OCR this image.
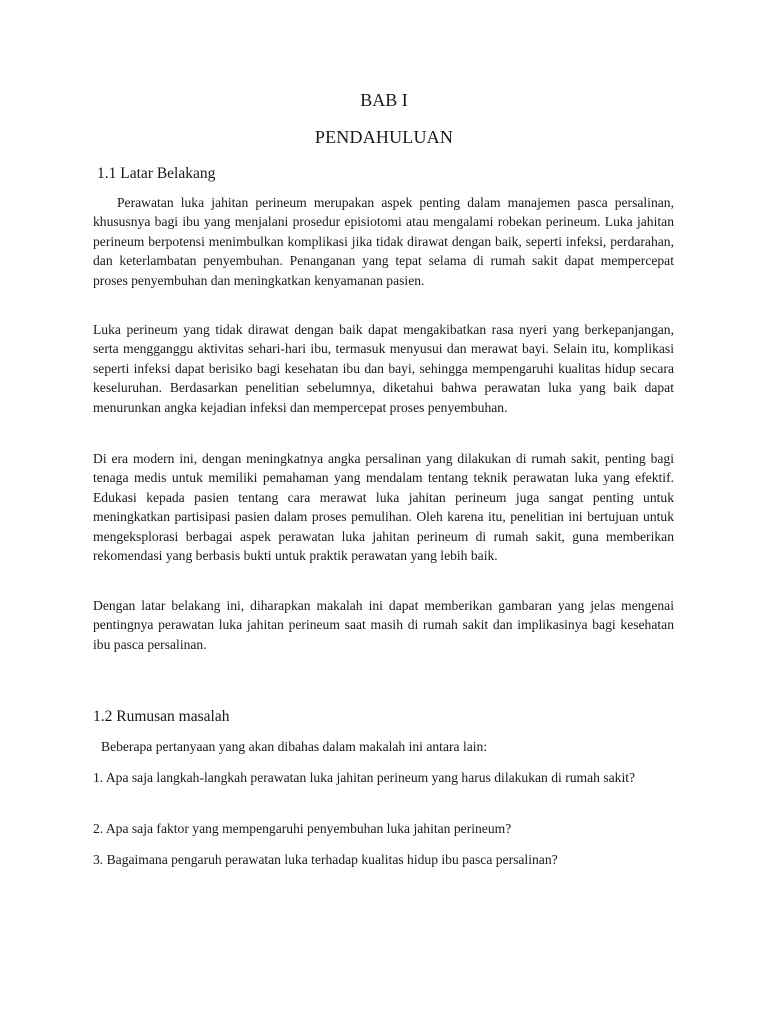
BAB I
PENDAHULUAN
1.1 Latar Belakang

Perawatan luka jahitan perineum merupakan aspek penting dalam manajemen pasca persalinan, khususnya bagi ibu yang menjalani prosedur episiotomi atau mengalami robekan perineum. Luka jahitan perineum berpotensi menimbulkan komplikasi jika tidak dirawat dengan baik, seperti infeksi, perdarahan, dan keterlambatan penyembuhan. Penanganan yang tepat selama di rumah sakit dapat mempercepat proses penyembuhan dan meningkatkan kenyamanan pasien.

Luka perineum yang tidak dirawat dengan baik dapat mengakibatkan rasa nyeri yang berkepanjangan, serta mengganggu aktivitas sehari-hari ibu, termasuk menyusui dan merawat bayi. Selain itu, komplikasi seperti infeksi dapat berisiko bagi kesehatan ibu dan bayi, sehingga mempengaruhi kualitas hidup secara keseluruhan. Berdasarkan penelitian sebelumnya, diketahui bahwa perawatan luka yang baik dapat menurunkan angka kejadian infeksi dan mempercepat proses penyembuhan.

Di era modern ini, dengan meningkatnya angka persalinan yang dilakukan di rumah sakit, penting bagi tenaga medis untuk memiliki pemahaman yang mendalam tentang teknik perawatan luka yang efektif. Edukasi kepada pasien tentang cara merawat luka jahitan perineum juga sangat penting untuk meningkatkan partisipasi pasien dalam proses pemulihan. Oleh karena itu, penelitian ini bertujuan untuk mengeksplorasi berbagai aspek perawatan luka jahitan perineum di rumah sakit, guna memberikan rekomendasi yang berbasis bukti untuk praktik perawatan yang lebih baik.

Dengan latar belakang ini, diharapkan makalah ini dapat memberikan gambaran yang jelas mengenai pentingnya perawatan luka jahitan perineum saat masih di rumah sakit dan implikasinya bagi kesehatan ibu pasca persalinan.

1.2 Rumusan masalah

Beberapa pertanyaan yang akan dibahas dalam makalah ini antara lain:

1. Apa saja langkah-langkah perawatan luka jahitan perineum yang harus dilakukan di rumah sakit?

2. Apa saja faktor yang mempengaruhi penyembuhan luka jahitan perineum?

3. Bagaimana pengaruh perawatan luka terhadap kualitas hidup ibu pasca persalinan?
